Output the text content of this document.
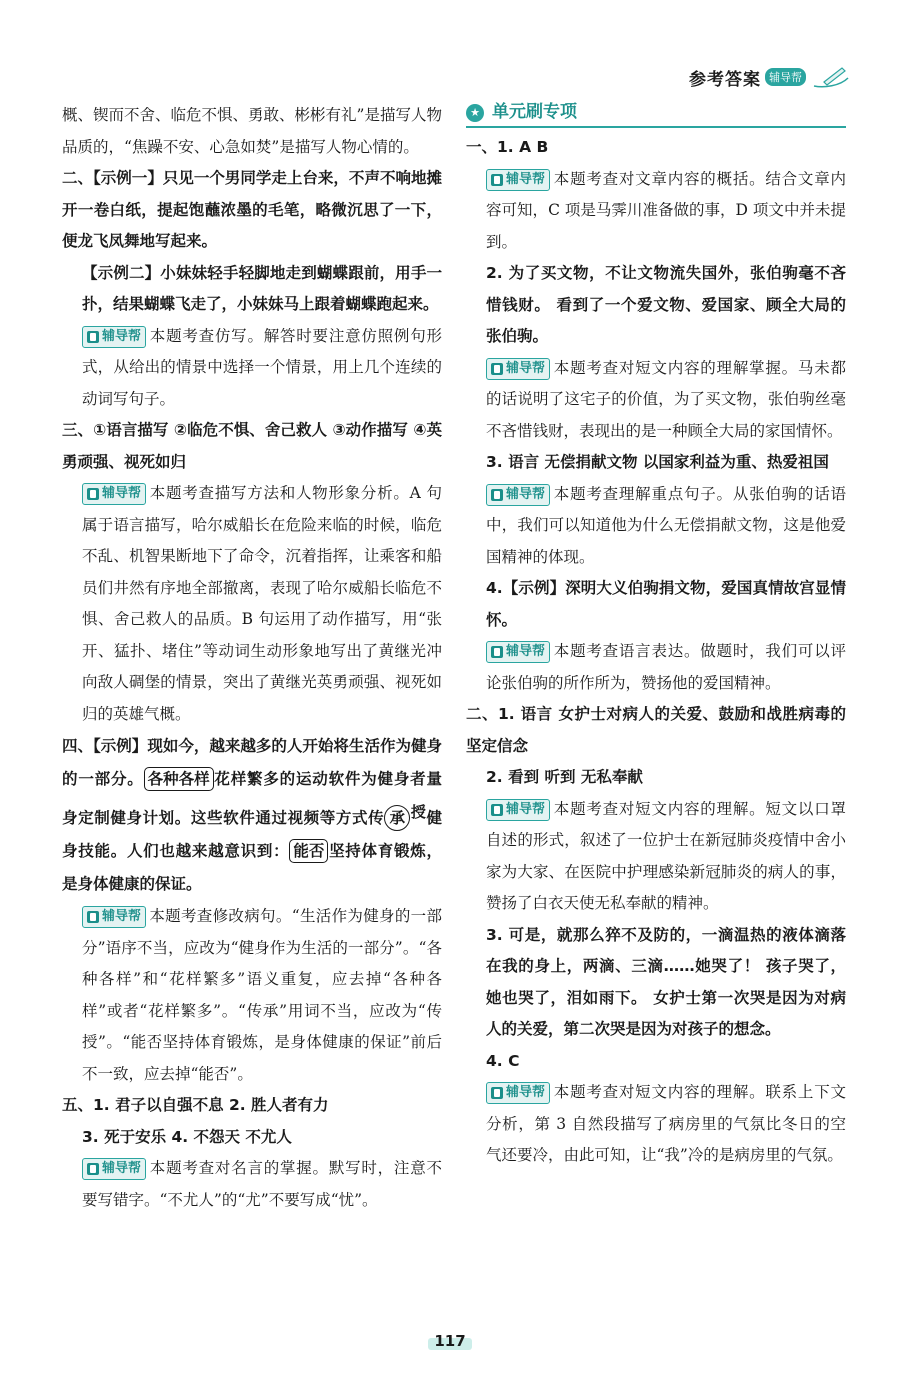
参考答案 辅导帮

概、锲而不舍、临危不惧、勇敢、彬彬有礼”是描写人物品质的，“焦躁不安、心急如焚”是描写人物心情的。

二、【示例一】只见一个男同学走上台来，不声不响地摊开一卷白纸，提起饱蘸浓墨的毛笔，略微沉思了一下，便龙飞凤舞地写起来。

【示例二】小妹妹轻手轻脚地走到蝴蝶跟前，用手一扑，结果蝴蝶飞走了，小妹妹马上跟着蝴蝶跑起来。

辅导帮 本题考查仿写。解答时要注意仿照例句形式，从给出的情景中选择一个情景，用上几个连续的动词写句子。

三、①语言描写 ②临危不惧、舍己救人 ③动作描写 ④英勇顽强、视死如归

辅导帮 本题考查描写方法和人物形象分析。A 句属于语言描写，哈尔威船长在危险来临的时候，临危不乱、机智果断地下了命令，沉着指挥，让乘客和船员们井然有序地全部撤离，表现了哈尔威船长临危不惧、舍己救人的品质。B 句运用了动作描写，用“张开、猛扑、堵住”等动词生动形象地写出了黄继光冲向敌人碉堡的情景，突出了黄继光英勇顽强、视死如归的英雄气概。

四、【示例】现如今，越来越多的人开始将生活作为健身的一部分。 各种各样 花样繁多的运动软件为健身者量身定制健身计划。这些软件通过视频等方式传 承 $^授$健身技能。人们也越来越意识到： 能否 坚持体育锻炼，是身体健康的保证。

辅导帮 本题考查修改病句。“生活作为健身的一部分”语序不当，应改为“健身作为生活的一部分”。“各种各样”和“花样繁多”语义重复，应去掉“各种各样”或者“花样繁多”。“传承”用词不当，应改为“传授”。“能否坚持体育锻炼，是身体健康的保证”前后不一致，应去掉“能否”。

五、1. 君子以自强不息 2. 胜人者有力

3. 死于安乐 4. 不怨天 不尤人

辅导帮 本题考查对名言的掌握。默写时，注意不要写错字。“不尤人”的“尤”不要写成“忧”。

★ 单元刷专项

一、1. A B

辅导帮 本题考查对文章内容的概括。结合文章内容可知，C 项是马霁川准备做的事，D 项文中并未提到。

2. 为了买文物，不让文物流失国外，张伯驹毫不吝惜钱财。 看到了一个爱文物、爱国家、顾全大局的张伯驹。

辅导帮 本题考查对短文内容的理解掌握。马未都的话说明了这宅子的价值，为了买文物，张伯驹丝毫不吝惜钱财，表现出的是一种顾全大局的家国情怀。

3. 语言 无偿捐献文物 以国家利益为重、热爱祖国

辅导帮 本题考查理解重点句子。从张伯驹的话语中，我们可以知道他为什么无偿捐献文物，这是他爱国精神的体现。

4.【示例】深明大义伯驹捐文物，爱国真情故宫显情怀。

辅导帮 本题考查语言表达。做题时，我们可以评论张伯驹的所作所为，赞扬他的爱国精神。

二、1. 语言 女护士对病人的关爱、鼓励和战胜病毒的坚定信念

2. 看到 听到 无私奉献

辅导帮 本题考查对短文内容的理解。短文以口罩自述的形式，叙述了一位护士在新冠肺炎疫情中舍小家为大家、在医院中护理感染新冠肺炎的病人的事，赞扬了白衣天使无私奉献的精神。

3. 可是，就那么猝不及防的，一滴温热的液体滴落在我的身上，两滴、三滴……她哭了！ 孩子哭了，她也哭了，泪如雨下。 女护士第一次哭是因为对病人的关爱，第二次哭是因为对孩子的想念。

4. C

辅导帮 本题考查对短文内容的理解。联系上下文分析，第 3 自然段描写了病房里的气氛比冬日的空气还要冷，由此可知，让“我”冷的是病房里的气氛。

117
